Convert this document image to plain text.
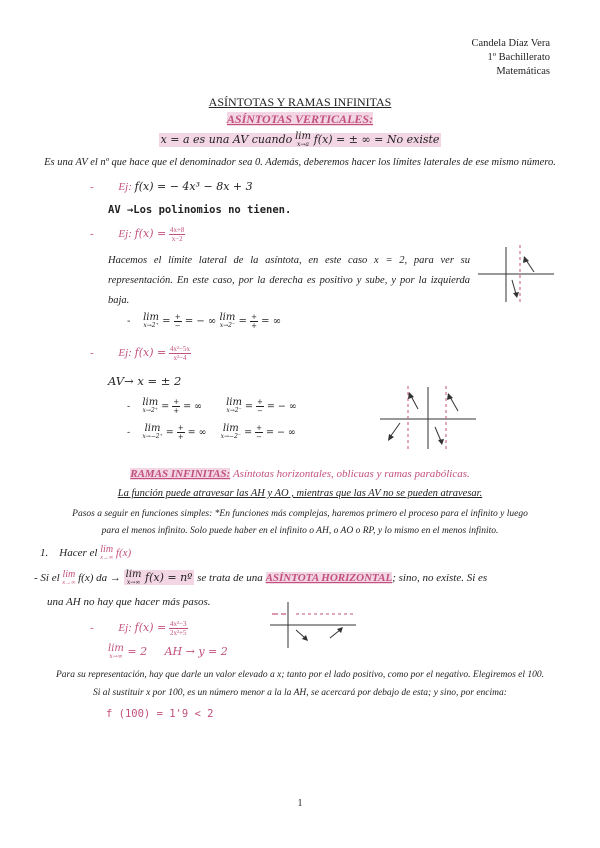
Candela Díaz Vera
1º Bachillerato
Matemáticas
ASÍNTOTAS Y RAMAS INFINITAS
ASÍNTOTAS VERTICALES:
x = a es una AV cuando lim
x→a f(x) = ± ∞ = No existe
Es una AV el nº que hace que el denominador sea 0. Además, deberemos hacer los límites laterales de ese mismo número.
- Ej: f(x) = − 4x³ − 8x + 3
AV →Los polinomios no tienen.
- Ej: $f(x) = \frac{4x+8}{x-2}$
Hacemos el límite lateral de la asíntota, en este caso x = 2, para ver su representación. En este caso, por la derecha es positivo y sube, y por la izquierda baja.
- lim
$x\to 2^+ = \frac{+}{-}$ = − ∞ lim
$x\to 2^- = \frac{+}{+}$ = ∞
- Ej: $f(x) = \frac{\text{4x²−5x}}{\text{x²−4}}$
AV→ x = ± 2
- lim
$x\to 2^+ = \frac{+}{+}$ = ∞ lim
$x\to 2^- = \frac{+}{-}$ = − ∞
- lim
$x\to-2^+ = \frac{+}{+}$ = ∞ lim
$x\to-2^- = \frac{+}{-}$ = − ∞
RAMAS INFINITAS: Asíntotas horizontales, oblicuas y ramas parabólicas.
La función puede atravesar las AH y AO , mientras que las AV no se pueden atravesar.
Pasos a seguir en funciones simples: *En funciones más complejas, haremos primero el proceso para el infinito y luego
para el menos infinito. Solo puede haber en el infinito o AH, o AO o RP, y lo mismo en el menos infinito.
1. Hacer el lim
x→∞ f(x)
- Si el lim
x→∞ f(x) da → lim
x→∞ f(x) = nº se trata de una ASÍNTOTA HORIZONTAL; sino, no existe. Si es
una AH no hay que hacer más pasos.
- Ej: $f(x) = \frac{\text{4x²−3}}{\text{2x²+5}}$
lim
x→∞ = 2 AH → y = 2
Para su representación, hay que darle un valor elevado a x; tanto por el lado positivo, como por el negativo. Elegiremos el 100.
Si al sustituir x por 100, es un número menor a la la AH, se acercará por debajo de esta; y sino, por encima:
f (100) = 1'9 < 2
1
